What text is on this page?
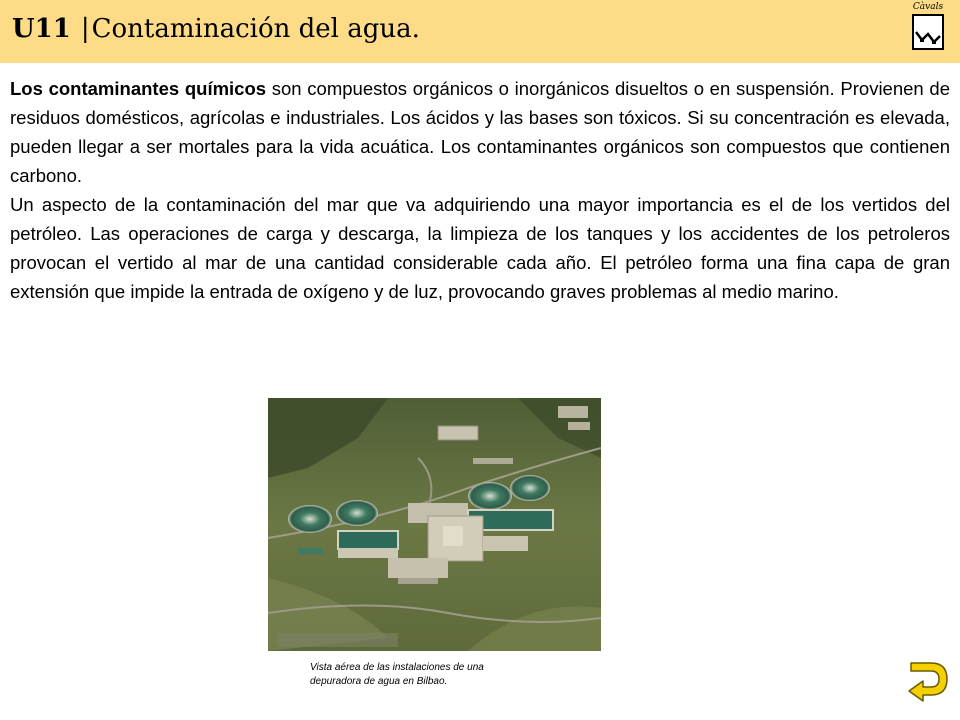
U11 |Contaminación del agua.
Càvals

Los contaminantes químicos son compuestos orgánicos o inorgánicos disueltos o en suspensión. Provienen de residuos domésticos, agrícolas e industriales. Los ácidos y las bases son tóxicos. Si su concentración es elevada, pueden llegar a ser mortales para la vida acuática. Los contaminantes orgánicos son compuestos que contienen carbono.

Un aspecto de la contaminación del mar que va adquiriendo una mayor importancia es el de los vertidos del petróleo. Las operaciones de carga y descarga, la limpieza de los tanques y los accidentes de los petroleros provocan el vertido al mar de una cantidad considerable cada año. El petróleo forma una fina capa de gran extensión que impide la entrada de oxígeno y de luz, provocando graves problemas al medio marino.

Vista aérea de las instalaciones de una
depuradora de agua en Bilbao.
